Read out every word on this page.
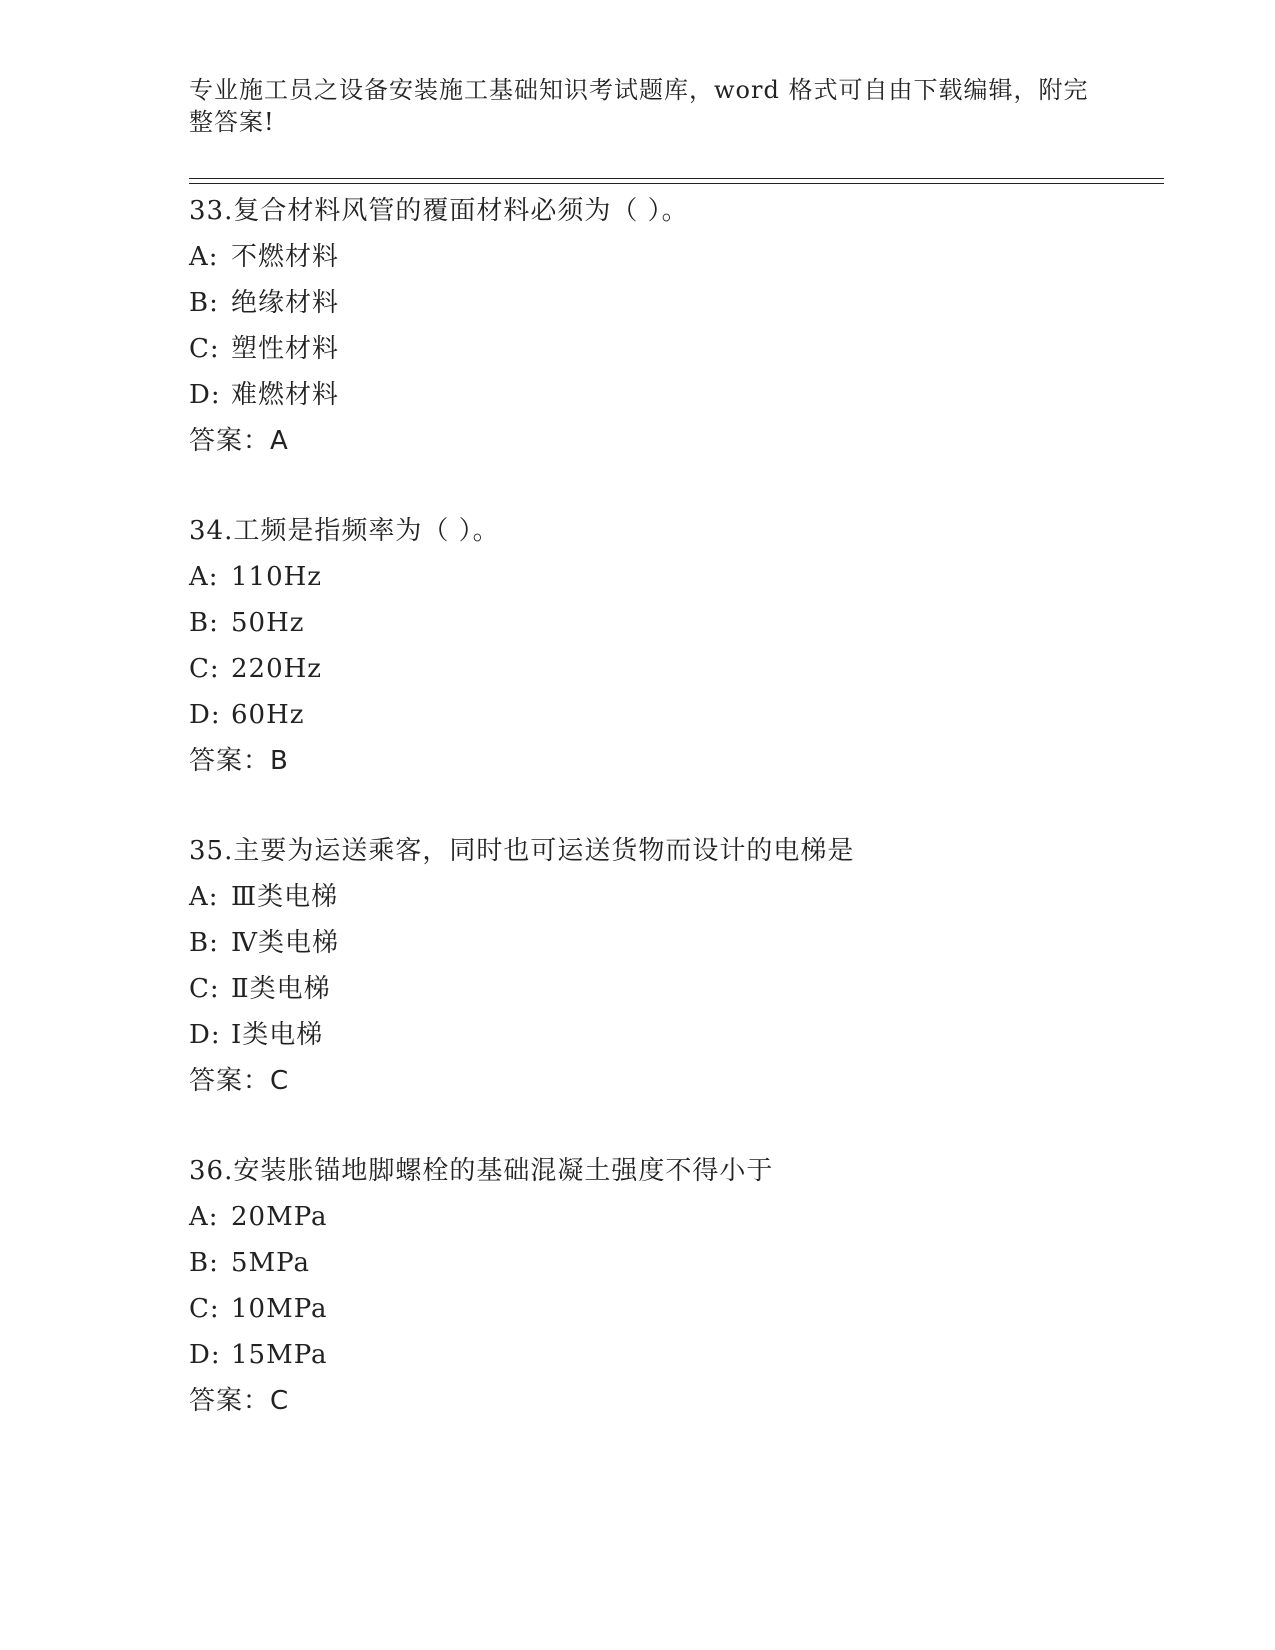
专业施工员之设备安装施工基础知识考试题库，word 格式可自由下载编辑，附完
整答案!
33.复合材料风管的覆面材料必须为（ ）。
A: 不燃材料
B: 绝缘材料
C: 塑性材料
D: 难燃材料
答案：A
34.工频是指频率为（ ）。
A: 110Hz
B: 50Hz
C: 220Hz
D: 60Hz
答案：B
35.主要为运送乘客，同时也可运送货物而设计的电梯是
A: Ⅲ类电梯
B: Ⅳ类电梯
C: Ⅱ类电梯
D: Ⅰ类电梯
答案：C
36.安装胀锚地脚螺栓的基础混凝土强度不得小于
A: 20MPa
B: 5MPa
C: 10MPa
D: 15MPa
答案：C
